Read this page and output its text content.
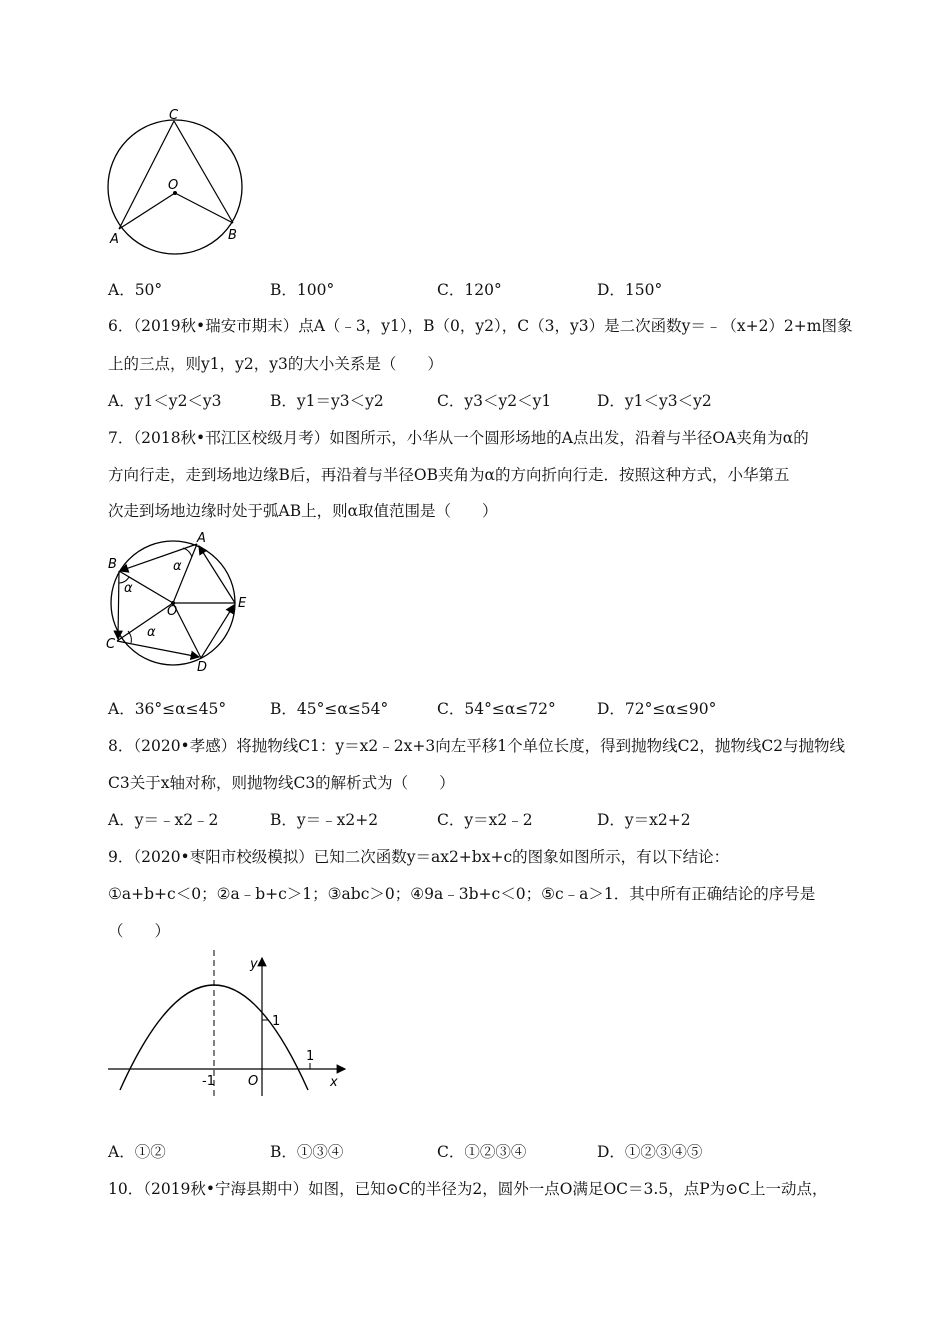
C
O
A	B
A．50°	B．100°	C．120°	D．150°
6．（2019秋•瑞安市期末）点A（﹣3，y1），B（0，y2），C（3，y3）是二次函数y＝﹣（x+2）2+m图象
上的三点，则y1，y2，y3的大小关系是（　　）
A．y1＜y2＜y3	B．y1＝y3＜y2	C．y3＜y2＜y1	D．y1＜y3＜y2
7．（2018秋•邗江区校级月考）如图所示，小华从一个圆形场地的A点出发，沿着与半径OA夹角为α的
方向行走，走到场地边缘B后，再沿着与半径OB夹角为α的方向折向行走．按照这种方式，小华第五
次走到场地边缘时处于弧AB上，则α取值范围是（　　）
B
A
α
α
O
E
α
C
D
A．36°≤α≤45°	B．45°≤α≤54°	C．54°≤α≤72°	D．72°≤α≤90°
8．（2020•孝感）将抛物线C1：y＝x2﹣2x+3向左平移1个单位长度，得到抛物线C2，抛物线C2与抛物线
C3关于x轴对称，则抛物线C3的解析式为（　　）
A．y＝﹣x2﹣2	B．y＝﹣x2+2	C．y＝x2﹣2	D．y＝x2+2
9．（2020•枣阳市校级模拟）已知二次函数y＝ax2+bx+c的图象如图所示，有以下结论：
①a+b+c＜0；②a﹣b+c＞1；③abc＞0；④9a﹣3b+c＜0；⑤c﹣a＞1．其中所有正确结论的序号是
（　　）
1
1
-1	O
y
x
A．①②	B．①③④	C．①②③④	D．①②③④⑤
10．（2019秋•宁海县期中）如图，已知⊙C的半径为2，圆外一点O满足OC＝3.5，点P为⊙C上一动点，
